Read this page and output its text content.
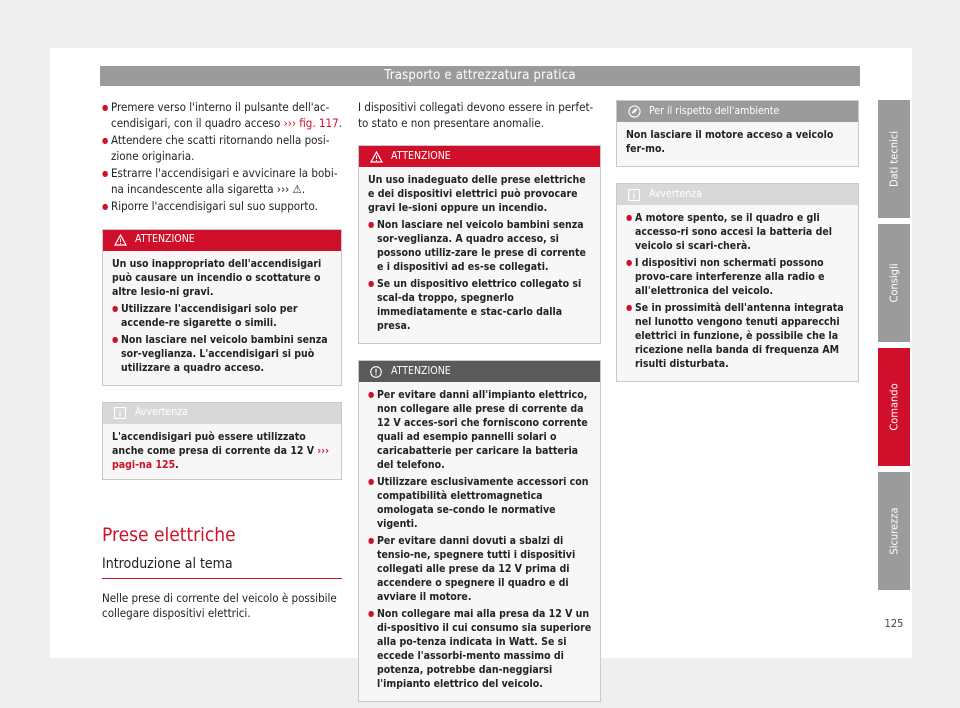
Trasporto e attrezzatura pratica
● Premere verso l'interno il pulsante dell'ac-cendisigari, con il quadro acceso ››› fig. 117.
● Attendere che scatti ritornando nella posi-zione originaria.
● Estrarre l'accendisigari e avvicinare la bobi-na incandescente alla sigaretta ››› ⚠.
● Riporre l'accendisigari sul suo supporto.
ATTENZIONE

Un uso inappropriato dell'accendisigari può causare un incendio o scottature o altre lesio-ni gravi.

● Utilizzare l'accendisigari solo per accende-re sigarette o simili.
● Non lasciare nel veicolo bambini senza sor-veglianza. L'accendisigari si può utilizzare a quadro acceso.
Avvertenza
L'accendisigari può essere utilizzato anche come presa di corrente da 12 V ››› pagi-na 125.
Prese elettriche
Introduzione al tema

Nelle prese di corrente del veicolo è possibile collegare dispositivi elettrici.

I dispositivi collegati devono essere in perfet-to stato e non presentare anomalie.

ATTENZIONE

Un uso inadeguato delle prese elettriche e dei dispositivi elettrici può provocare gravi le-sioni oppure un incendio.

● Non lasciare nel veicolo bambini senza sor-veglianza. A quadro acceso, si possono utiliz-zare le prese di corrente e i dispositivi ad es-se collegati.
● Se un dispositivo elettrico collegato si scal-da troppo, spegnerlo immediatamente e stac-carlo dalla presa.
ATTENZIONE
● Per evitare danni all'impianto elettrico, non collegare alle prese di corrente da 12 V acces-sori che forniscono corrente quali ad esempio pannelli solari o caricabatterie per caricare la batteria del telefono.
● Utilizzare esclusivamente accessori con compatibilità elettromagnetica omologata se-condo le normative vigenti.
● Per evitare danni dovuti a sbalzi di tensio-ne, spegnere tutti i dispositivi collegati alle prese da 12 V prima di accendere o spegnere il quadro e di avviare il motore.
● Non collegare mai alla presa da 12 V un di-spositivo il cui consumo sia superiore alla po-tenza indicata in Watt. Se si eccede l'assorbi-mento massimo di potenza, potrebbe dan-neggiarsi l'impianto elettrico del veicolo.
Per il rispetto dell'ambiente

Non lasciare il motore acceso a veicolo fer-mo.

Avvertenza
● A motore spento, se il quadro e gli accesso-ri sono accesi la batteria del veicolo si scari-cherà.
● I dispositivi non schermati possono provo-care interferenze alla radio e all'elettronica del veicolo.
● Se in prossimità dell'antenna integrata nel lunotto vengono tenuti apparecchi elettrici in funzione, è possibile che la ricezione nella banda di frequenza AM risulti disturbata.
Dati tecnici
Consigli
Comando
Sicurezza
125
